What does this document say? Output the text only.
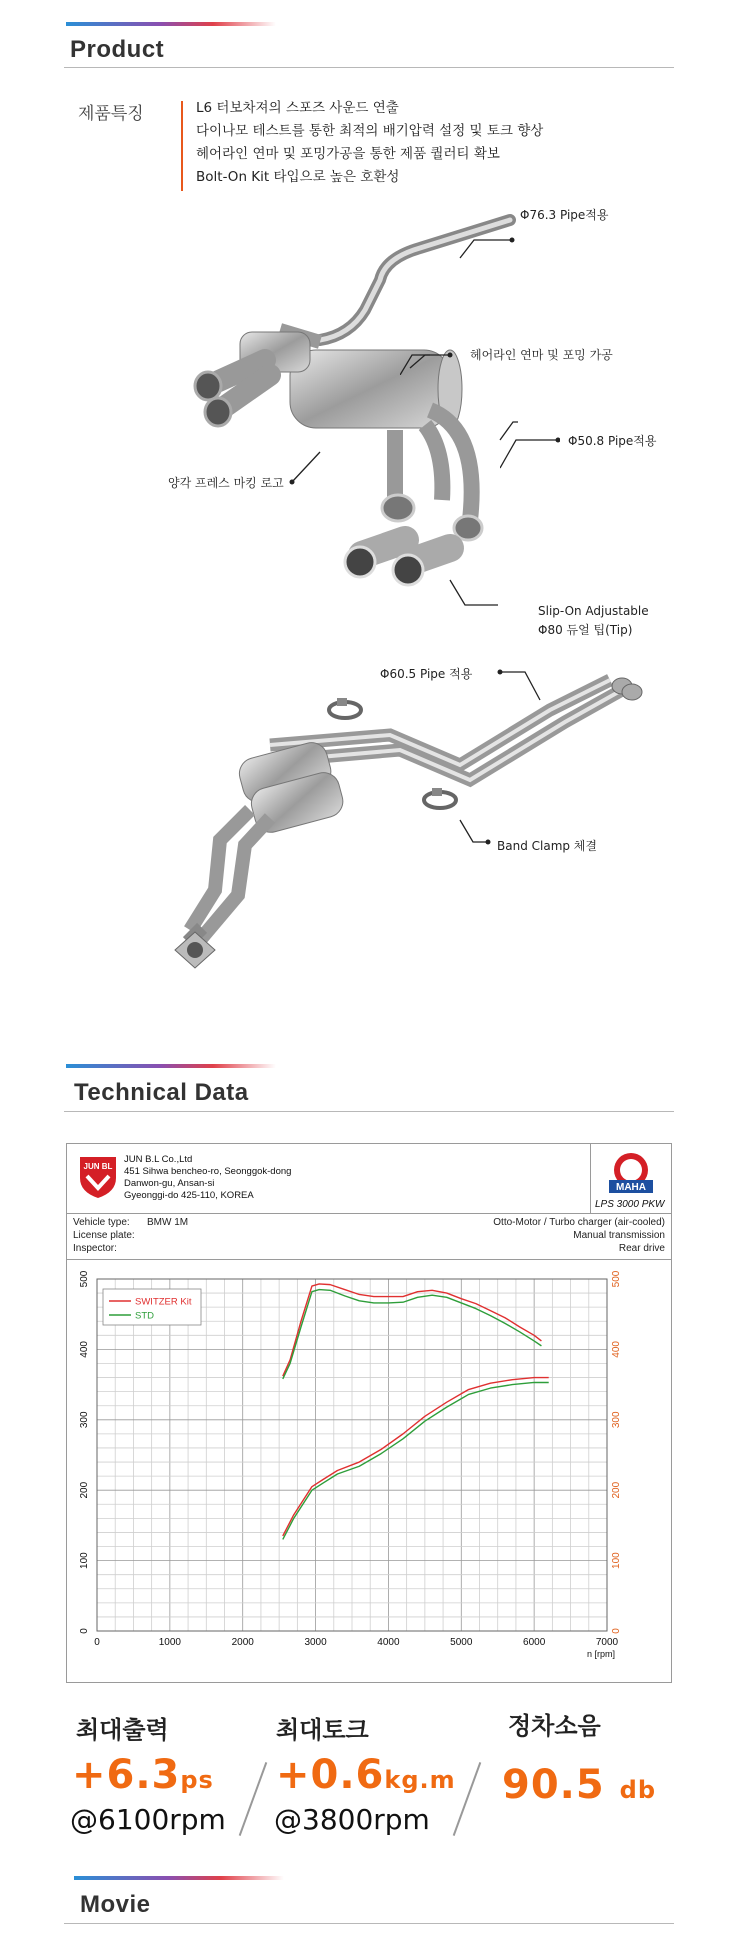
Product
제품특징	L6 터보차져의 스포즈 사운드 연출
다이나모 테스트를 통한 최적의 배기압력 설정 및 토크 향상
헤어라인 연마 및 포밍가공을 통한 제품 퀄러티 확보
Bolt-On Kit 타입으로 높은 호환성
Φ76.3 Pipe적용
헤어라인 연마 및 포밍 가공
Φ50.8 Pipe적용
양각 프레스 마킹 로고
Slip-On Adjustable
Φ80 듀얼 팁(Tip)
Φ60.5 Pipe 적용
Band Clamp 체결
Technical Data
JUN BL
JUN B.L Co.,Ltd
451 Sihwa bencheo-ro, Seonggok-dong
Danwon-gu, Ansan-si
Gyeonggi-do 425-110, KOREA
MAHA
LPS 3000 PKW
Vehicle type: BMW 1M
License plate:
Inspector:
Otto-Motor / Turbo charger (air-cooled)
Manual transmission
Rear drive
0	1000	2000	3000	4000	5000	6000	7000
0	0
100	100
200	200
300	300
400	400
500	500
n [rpm]
SWITZER Kit
STD
최대출력
+6.3ps
@6100rpm
최대토크
+0.6kg.m
@3800rpm
정차소음
90.5 db
Movie
